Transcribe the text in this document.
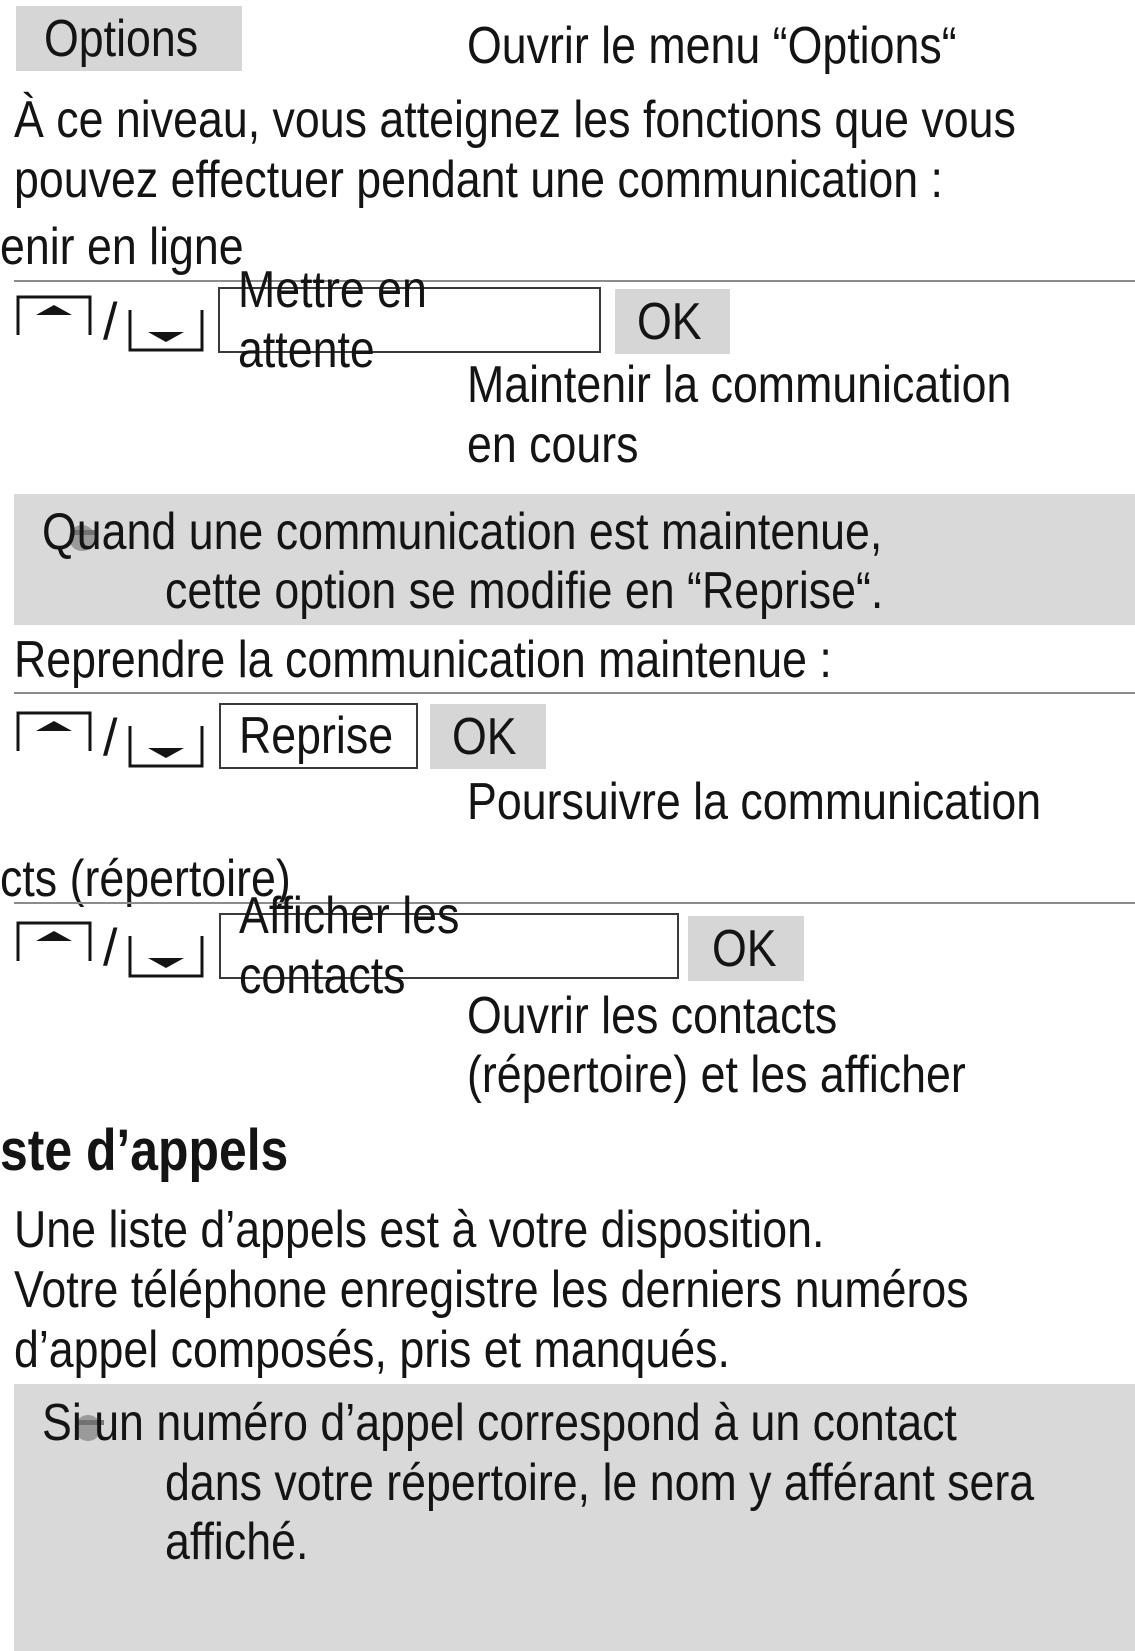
Options	Ouvrir le menu “Options“
À ce niveau, vous atteignez les fonctions que vous
pouvez effectuer pendant une communication :
enir en ligne
/
Mettre en attente	OK
Maintenir la communication
en cours
Quand une communication est maintenue,
cette option se modifie en “Reprise“.
Reprendre la communication maintenue :
/ Reprise OK
Poursuivre la communication
cts (répertoire)
/
Afficher les contacts	OK
Ouvrir les contacts
(répertoire) et les afficher
ste d’appels
Une liste d’appels est à votre disposition.
Votre téléphone enregistre les derniers numéros
d’appel composés, pris et manqués.
Si un numéro d’appel correspond à un contact
dans votre répertoire, le nom y afférant sera
affiché.
